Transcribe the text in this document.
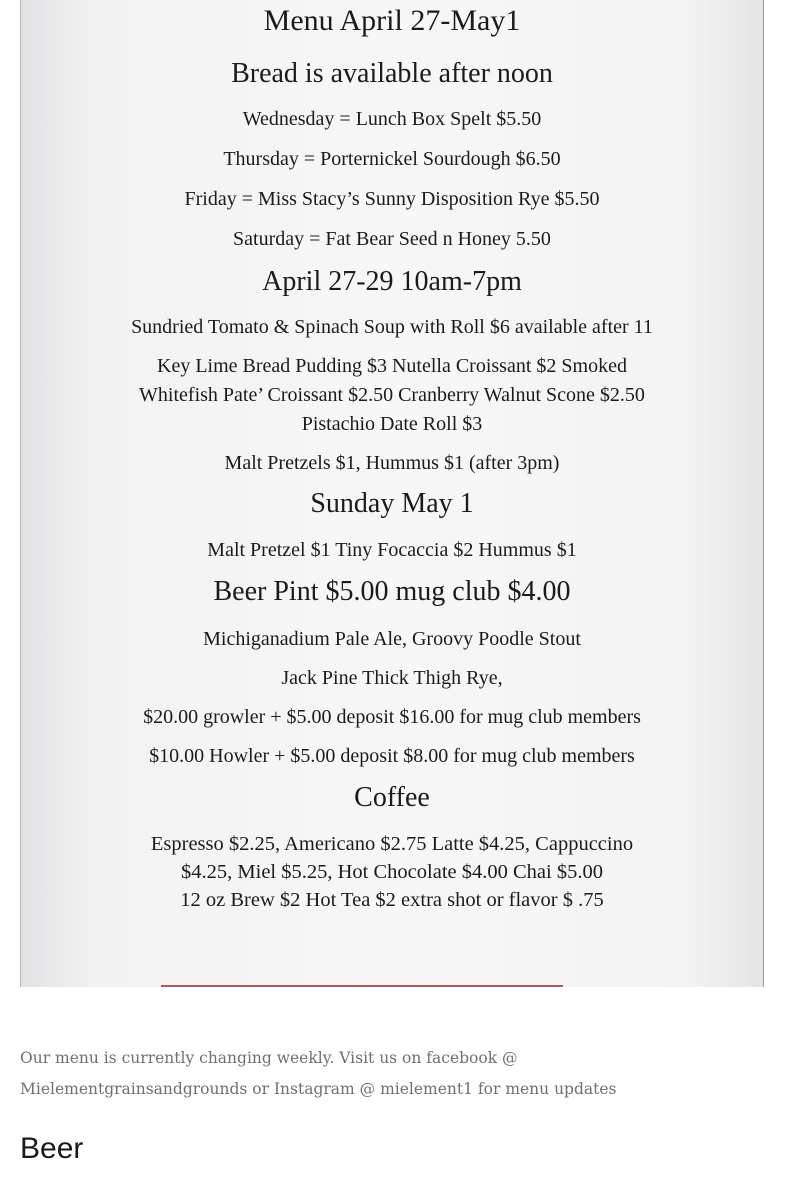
Menu April 27-May1
Bread is available after noon
Wednesday = Lunch Box Spelt $5.50
Thursday = Porternickel Sourdough $6.50
Friday = Miss Stacy’s Sunny Disposition Rye $5.50
Saturday = Fat Bear Seed n Honey 5.50
April 27-29 10am-7pm
Sundried Tomato & Spinach Soup with Roll $6 available after 11
Key Lime Bread Pudding $3 Nutella Croissant $2 Smoked
Whitefish Pate’ Croissant $2.50 Cranberry Walnut Scone $2.50
Pistachio Date Roll $3
Malt Pretzels $1, Hummus $1 (after 3pm)
Sunday May 1
Malt Pretzel $1 Tiny Focaccia $2 Hummus $1
Beer Pint $5.00 mug club $4.00
Michiganadium Pale Ale, Groovy Poodle Stout
Jack Pine Thick Thigh Rye,
$20.00 growler + $5.00 deposit $16.00 for mug club members
$10.00 Howler + $5.00 deposit $8.00 for mug club members
Coffee
Espresso $2.25, Americano $2.75 Latte $4.25, Cappuccino
$4.25, Miel $5.25, Hot Chocolate $4.00 Chai $5.00
12 oz Brew $2 Hot Tea $2 extra shot or flavor $ .75
Our menu is currently changing weekly. Visit us on facebook @
Mielementgrainsandgrounds or Instagram @ mielement1 for menu updates
Beer
